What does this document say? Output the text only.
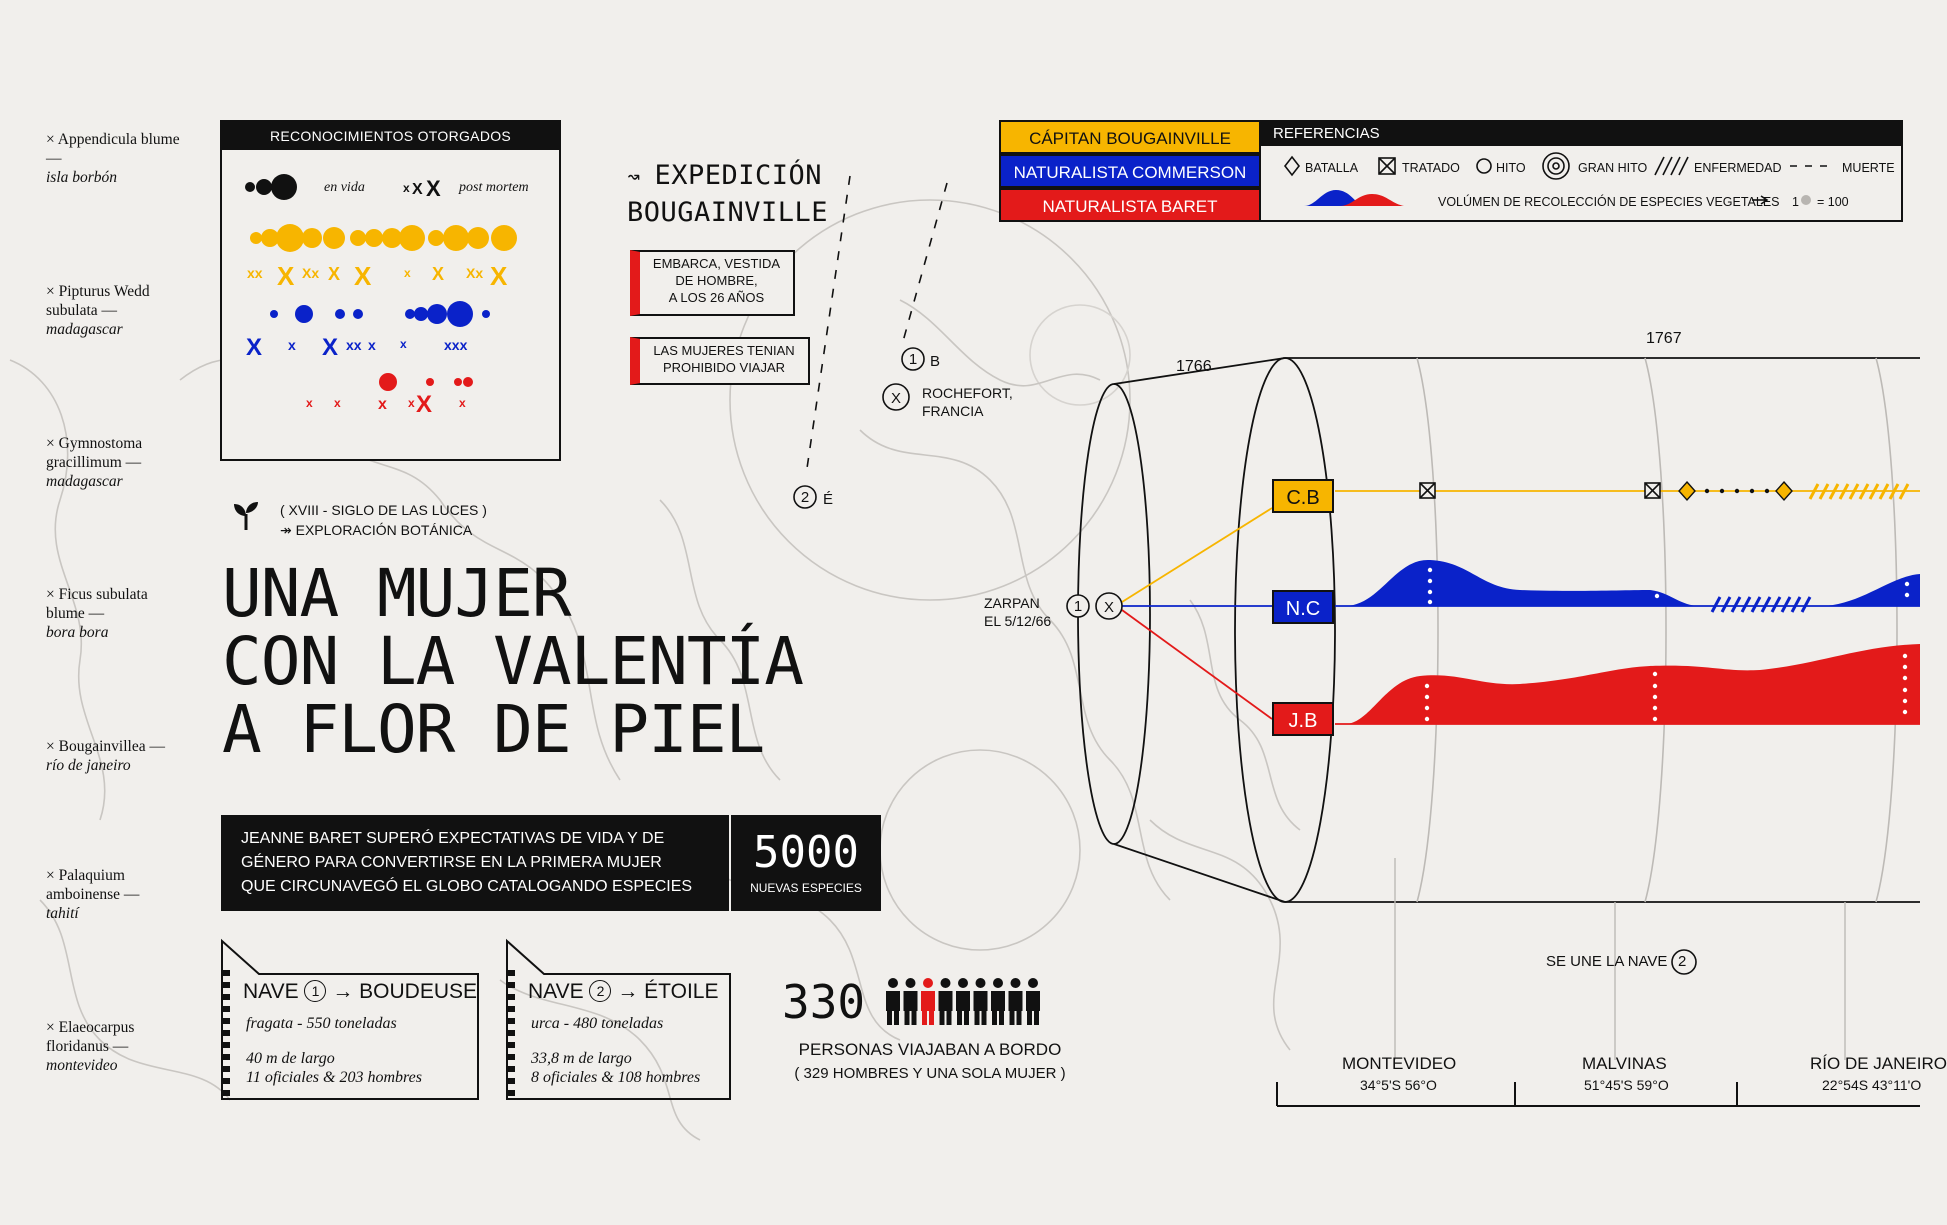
× Appendicula blume —
isla borbón
× Pipturus Wedd subulata —
madagascar
× Gymnostoma gracillimum —
madagascar
× Ficus subulata blume —
bora bora
× Bougainvillea —
río de janeiro
× Palaquium amboinense —
tahití
× Elaeocarpus floridanus —
montevideo
RECONOCIMIENTOS OTORGADOS
x X X
xx X Xx X X	x X Xx X
X x X xx x x	xxx
x x x x X x
en vida	post mortem	↝ EXPEDICIÓN
BOUGAINVILLE
EMBARCA, VESTIDA
DE HOMBRE,
A LOS 26 AÑOS
LAS MUJERES TENIAN
PROHIBIDO VIAJAR	1 B
X ROCHEFORT,
FRANCIA
2 É
1 X
( XVIII - SIGLO DE LAS LUCES )
↠ EXPLORACIÓN BOTÁNICA
UNA MUJER
CON LA VALENTÍA
A FLOR DE PIEL
JEANNE BARET SUPERÓ EXPECTATIVAS DE VIDA Y DE
GÉNERO PARA CONVERTIRSE EN LA PRIMERA MUJER
QUE CIRCUNAVEGÓ EL GLOBO CATALOGANDO ESPECIES
5000
NUEVAS ESPECIES
NAVE 1 → BOUDEUSE
fragata - 550 toneladas
40 m de largo
11 oficiales & 203 hombres
NAVE 2 → ÉTOILE
urca - 480 toneladas
33,8 m de largo
8 oficiales & 108 hombres
330
PERSONAS VIAJABAN A BORDO
( 329 HOMBRES Y UNA SOLA MUJER )
CÁPITAN BOUGAINVILLE
NATURALISTA COMMERSON
NATURALISTA BARET
REFERENCIAS
BATALLA	TRATADO	HITO	GRAN HITO	ENFERMEDAD	MUERTE
VOLÚMEN DE RECOLECCIÓN DE ESPECIES VEGETALES 1 = 100
1766
1767
ZARPAN
EL 5/12/66
C.B
N.C
J.B
SE UNE LA NAVE 2
MONTEVIDEO
34°5'S 56°O
MALVINAS
51°45'S 59°O
RÍO DE JANEIRO
22°54S 43°11'O
